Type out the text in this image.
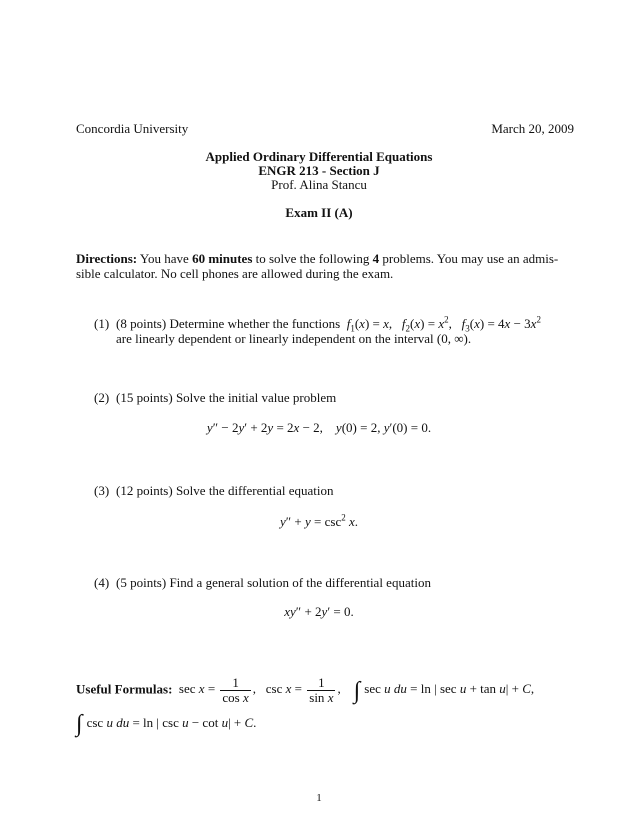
Concordia University	March 20, 2009
Applied Ordinary Differential Equations
ENGR 213 - Section J
Prof. Alina Stancu
Exam II (A)
Directions: You have 60 minutes to solve the following 4 problems. You may use an admis-
sible calculator. No cell phones are allowed during the exam.
(1) (8 points) Determine whether the functions  $f_1(x) = x$,   $f_2(x) = x^2$,   $f_3(x) = 4x - 3x^2$
are linearly dependent or linearly independent on the interval (0, ∞).
(2) (15 points) Solve the initial value problem
y″ − 2y′ + 2y = 2x − 2,    y(0) = 2, y′(0) = 0.
(3) (12 points) Solve the differential equation
$y'' + y = \csc^2 x$.
(4) (5 points) Find a general solution of the differential equation
xy″ + 2y′ = 0.
Useful Formulas:  $\sec x = \frac{1}{\text{cos x}}$ ,   $\csc x = \frac{1}{\text{sin x}}$ ,    ∫ sec u du = ln | sec u + tan u| + C,
∫ csc u du = ln | csc u − cot u| + C.
1
